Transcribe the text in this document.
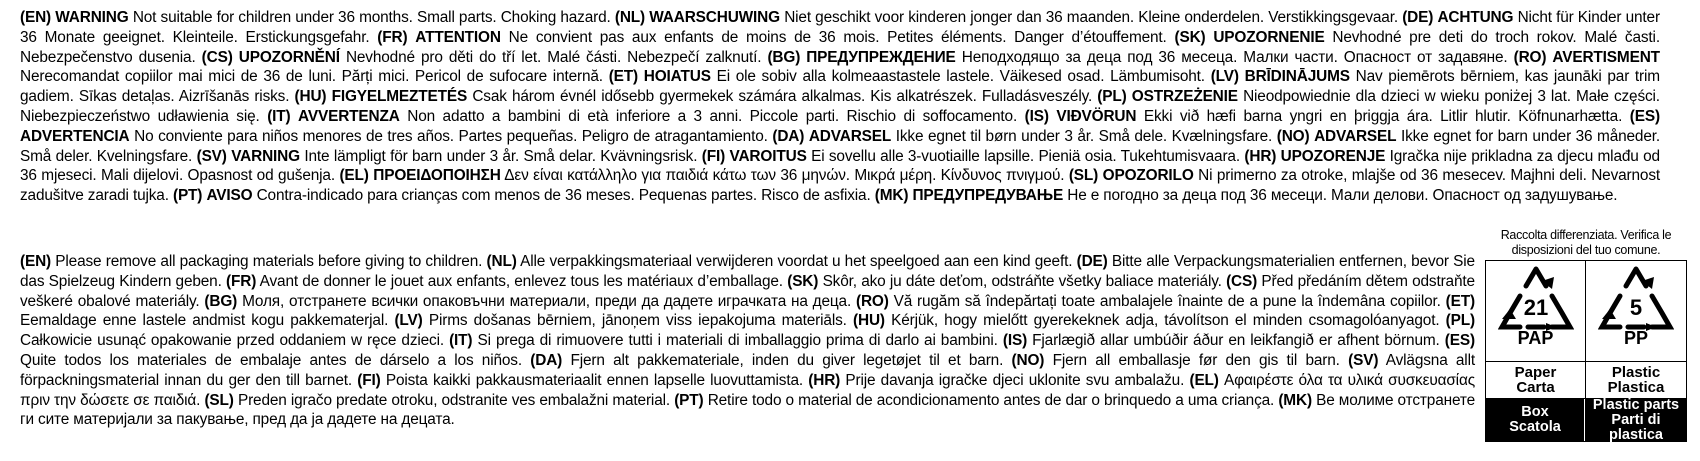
(EN) WARNING Not suitable for children under 36 months. Small parts. Choking hazard. (NL) WAARSCHUWING Niet geschikt voor kinderen jonger dan 36 maanden. Kleine onderdelen. Verstikkingsgevaar. (DE) ACHTUNG Nicht für Kinder unter 36 Monate geeignet. Kleinteile. Erstickungsgefahr. (FR) ATTENTION Ne convient pas aux enfants de moins de 36 mois. Petites éléments. Danger d’étouffement. (SK) UPOZORNENIE Nevhodné pre deti do troch rokov. Malé časti. Nebezpečenstvo dusenia. (CS) UPOZORNĚNÍ Nevhodné pro děti do tří let. Malé části. Nebezpečí zalknutí. (BG) ПРЕДУПРЕЖДЕНИЕ Неподходящо за деца под 36 месеца. Малки части. Опасност от задавяне. (RO) AVERTISMENT Nerecomandat copiilor mai mici de 36 de luni. Părți mici. Pericol de sufocare internă. (ET) HOIATUS Ei ole sobiv alla kolmeaastastele lastele. Väikesed osad. Lämbumisoht. (LV) BRĪDINĀJUMS Nav piemērots bērniem, kas jaunāki par trim gadiem. Sīkas detaļas. Aizrīšanās risks. (HU) FIGYELMEZTETÉS Csak három évnél idősebb gyermekek számára alkalmas. Kis alkatrészek. Fulladásveszély. (PL) OSTRZEŻENIE Nieodpowiednie dla dzieci w wieku poniżej 3 lat. Małe części. Niebezpieczeństwo udławienia się. (IT) AVVERTENZA Non adatto a bambini di età inferiore a 3 anni. Piccole parti. Rischio di soffocamento. (IS) VIÐVÖRUN Ekki við hæfi barna yngri en þriggja ára. Litlir hlutir. Köfnunarhætta. (ES) ADVERTENCIA No conviente para niños menores de tres años. Partes pequeñas. Peligro de atragantamiento. (DA) ADVARSEL Ikke egnet til børn under 3 år. Små dele. Kvælningsfare. (NO) ADVARSEL Ikke egnet for barn under 36 måneder. Små deler. Kvelningsfare. (SV) VARNING Inte lämpligt för barn under 3 år. Små delar. Kvävningsrisk. (FI) VAROITUS Ei sovellu alle 3-vuotiaille lapsille. Pieniä osia. Tukehtumisvaara. (HR) UPOZORENJE Igračka nije prikladna za djecu mlađu od 36 mjeseci. Mali dijelovi. Opasnost od gušenja. (EL) ΠΡΟΕΙΔΟΠΟΙΗΣΗ Δεν είναι κατάλληλο για παιδιά κάτω των 36 μηνών. Μικρά μέρη. Κίνδυνος πνιγμού. (SL) OPOZORILO Ni primerno za otroke, mlajše od 36 mesecev. Majhni deli. Nevarnost zadušitve zaradi tujka. (PT) AVISO Contra-indicado para crianças com menos de 36 meses. Pequenas partes. Risco de asfixia. (MK) ПРЕДУПРЕДУВАЊЕ Не е погодно за деца под 36 месеци. Мали делови. Опасност од задушување.
(EN) Please remove all packaging materials before giving to children. (NL) Alle verpakkingsmateriaal verwijderen voordat u het speelgoed aan een kind geeft. (DE) Bitte alle Verpackungsmaterialien entfernen, bevor Sie das Spielzeug Kindern geben. (FR) Avant de donner le jouet aux enfants, enlevez tous les matériaux d’emballage. (SK) Skôr, ako ju dáte deťom, odstráňte všetky baliace materiály. (CS) Před předáním dětem odstraňte veškeré obalové materiály. (BG) Моля, отстранете всички опаковъчни материали, преди да дадете играчката на деца. (RO) Vă rugăm să îndepărtați toate ambalajele înainte de a pune la îndemâna copiilor. (ET) Eemaldage enne lastele andmist kogu pakkematerjal. (LV) Pirms došanas bērniem, jānoņem viss iepakojuma materiāls. (HU) Kérjük, hogy mielőtt gyerekeknek adja, távolítson el minden csomagolóanyagot. (PL) Całkowicie usunąć opakowanie przed oddaniem w ręce dzieci. (IT) Si prega di rimuovere tutti i materiali di imballaggio prima di darlo ai bambini. (IS) Fjarlægið allar umbúðir áður en leikfangið er afhent börnum. (ES) Quite todos los materiales de embalaje antes de dárselo a los niños. (DA) Fjern alt pakkemateriale, inden du giver legetøjet til et barn. (NO) Fjern all emballasje før den gis til barn. (SV) Avlägsna allt förpackningsmaterial innan du ger den till barnet. (FI) Poista kaikki pakkausmateriaalit ennen lapselle luovuttamista. (HR) Prije davanja igračke djeci uklonite svu ambalažu. (EL) Αφαιρέστε όλα τα υλικά συσκευασίας πριν την δώσετε σε παιδιά. (SL) Preden igračo predate otroku, odstranite ves embalažni material. (PT) Retire todo o material de acondicionamento antes de dar o brinquedo a uma criança. (MK) Ве молиме отстранете ги сите материјали за пакување, пред да ја дадете на децата.
Raccolta differenziata. Verifica le disposizioni del tuo comune.
21
PAP
Paper
Carta
Box
Scatola
5
PP
Plastic
Plastica
Plastic parts
Parti di plastica
